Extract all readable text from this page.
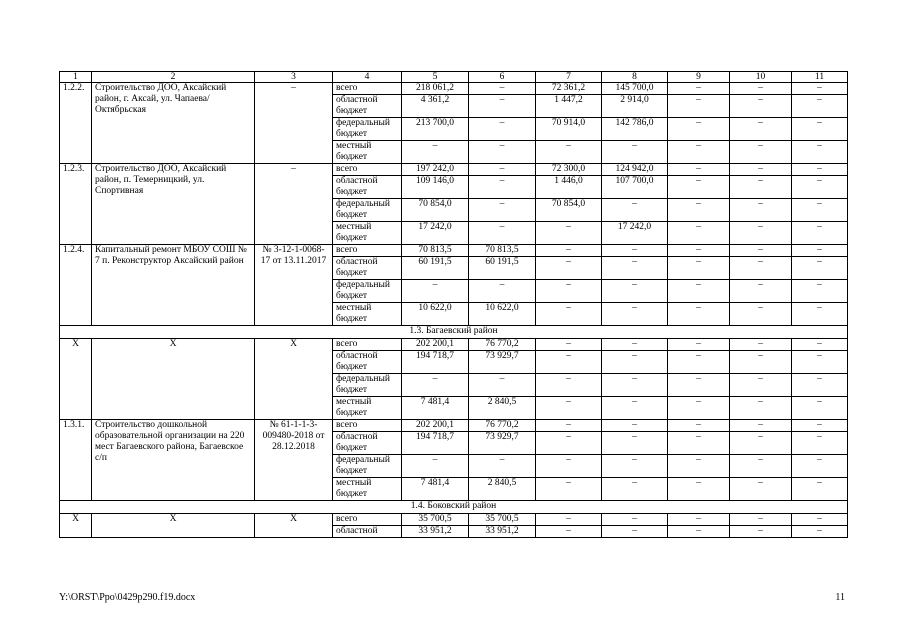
1	2	3	4	5	6	7	8	9	10	11
1.2.2.	Строительство ДОО, Аксайский район, г. Аксай, ул. Чапаева/Октябрьская	–	всего	218 061,2	–	72 361,2	145 700,0	–	–	–
			областной бюджет	4 361,2	–	1 447,2	2 914,0	–	–	–
			федеральный бюджет	213 700,0	–	70 914,0	142 786,0	–	–	–
			местный бюджет	–	–	–	–	–	–	–
1.2.3.	Строительство ДОО, Аксайский район, п. Темерницкий, ул. Спортивная	–	всего	197 242,0	–	72 300,0	124 942,0	–	–	–
			областной бюджет	109 146,0	–	1 446,0	107 700,0	–	–	–
			федеральный бюджет	70 854,0	–	70 854,0	–	–	–	–
			местный бюджет	17 242,0	–	–	17 242,0	–	–	–
1.2.4.	Капитальный ремонт МБОУ СОШ № 7 п. Реконструктор Аксайский район	№ 3-12-1-0068-17 от 13.11.2017	всего	70 813,5	70 813,5	–	–	–	–	–
			областной бюджет	60 191,5	60 191,5	–	–	–	–	–
			федеральный бюджет	–	–	–	–	–	–	–
			местный бюджет	10 622,0	10 622,0	–	–	–	–	–
1.3. Багаевский район										
Х	Х	Х	всего	202 200,1	76 770,2	–	–	–	–	–
			областной бюджет	194 718,7	73 929,7	–	–	–	–	–
			федеральный бюджет	–	–	–	–	–	–	–
			местный бюджет	7 481,4	2 840,5	–	–	–	–	–
1.3.1.	Строительство дошкольной образовательной организации на 220 мест Багаевского района, Багаевское с/п	№ 61-1-1-3-009480-2018 от 28.12.2018	всего	202 200,1	76 770,2	–	–	–	–	–
			областной бюджет	194 718,7	73 929,7	–	–	–	–	–
			федеральный бюджет	–	–	–	–	–	–	–
			местный бюджет	7 481,4	2 840,5	–	–	–	–	–
1.4. Боковский район										
Х	Х	Х	всего	35 700,5	35 700,5	–	–	–	–	–
			областной	33 951,2	33 951,2	–	–	–	–	–
Y:\ORST\Ppo\0429p290.f19.docx	11
